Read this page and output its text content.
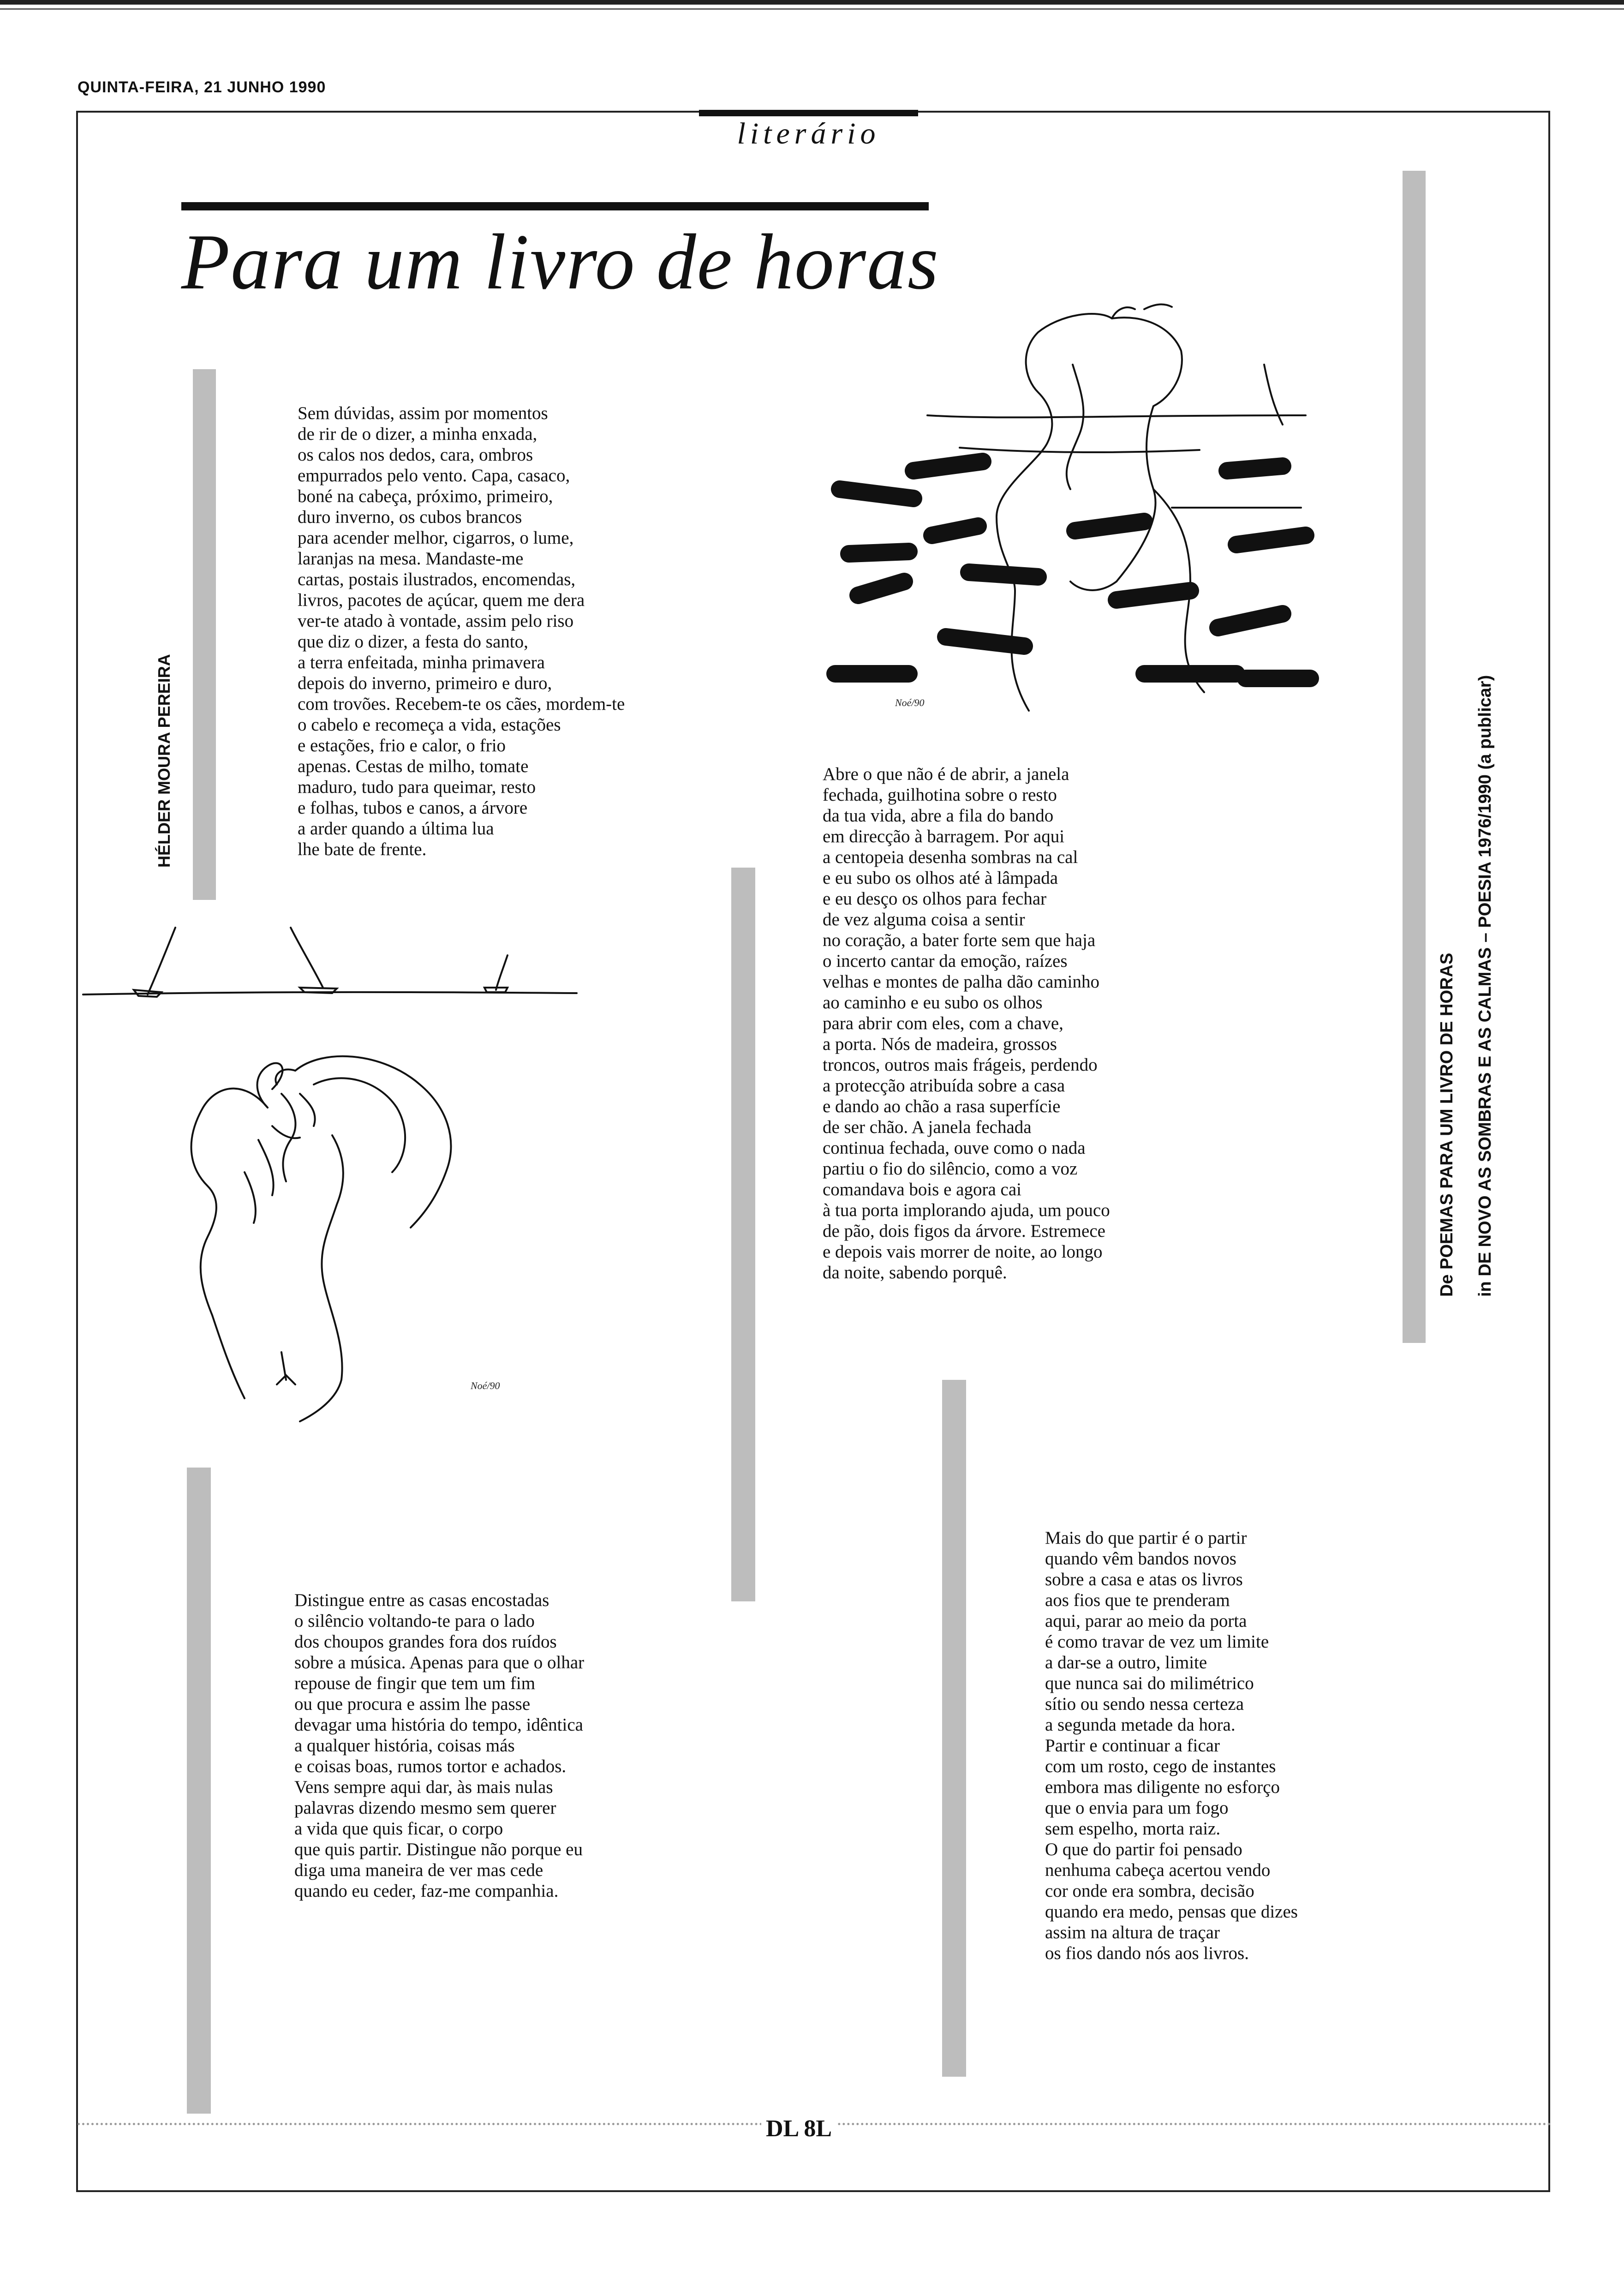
QUINTA-FEIRA, 21 JUNHO 1990
literário
Para um livro de horas
HÉLDER MOURA PEREIRA
De POEMAS PARA UM LIVRO DE HORAS in DE NOVO AS SOMBRAS E AS CALMAS – POESIA 1976/1990 (a publicar)
Sem dúvidas, assim por momentos
de rir de o dizer, a minha enxada,
os calos nos dedos, cara, ombros
empurrados pelo vento. Capa, casaco,
boné na cabeça, próximo, primeiro,
duro inverno, os cubos brancos
para acender melhor, cigarros, o lume,
laranjas na mesa. Mandaste-me
cartas, postais ilustrados, encomendas,
livros, pacotes de açúcar, quem me dera
ver-te atado à vontade, assim pelo riso
que diz o dizer, a festa do santo,
a terra enfeitada, minha primavera
depois do inverno, primeiro e duro,
com trovões. Recebem-te os cães, mordem-te
o cabelo e recomeça a vida, estações
e estações, frio e calor, o frio
apenas. Cestas de milho, tomate
maduro, tudo para queimar, resto
e folhas, tubos e canos, a árvore
a arder quando a última lua
lhe bate de frente.
Abre o que não é de abrir, a janela
fechada, guilhotina sobre o resto
da tua vida, abre a fila do bando
em direcção à barragem. Por aqui
a centopeia desenha sombras na cal
e eu subo os olhos até à lâmpada
e eu desço os olhos para fechar
de vez alguma coisa a sentir
no coração, a bater forte sem que haja
o incerto cantar da emoção, raízes
velhas e montes de palha dão caminho
ao caminho e eu subo os olhos
para abrir com eles, com a chave,
a porta. Nós de madeira, grossos
troncos, outros mais frágeis, perdendo
a protecção atribuída sobre a casa
e dando ao chão a rasa superfície
de ser chão. A janela fechada
continua fechada, ouve como o nada
partiu o fio do silêncio, como a voz
comandava bois e agora cai
à tua porta implorando ajuda, um pouco
de pão, dois figos da árvore. Estremece
e depois vais morrer de noite, ao longo
da noite, sabendo porquê.
Distingue entre as casas encostadas
o silêncio voltando-te para o lado
dos choupos grandes fora dos ruídos
sobre a música. Apenas para que o olhar
repouse de fingir que tem um fim
ou que procura e assim lhe passe
devagar uma história do tempo, idêntica
a qualquer história, coisas más
e coisas boas, rumos tortor e achados.
Vens sempre aqui dar, às mais nulas
palavras dizendo mesmo sem querer
a vida que quis ficar, o corpo
que quis partir. Distingue não porque eu
diga uma maneira de ver mas cede
quando eu ceder, faz-me companhia.
Mais do que partir é o partir
quando vêm bandos novos
sobre a casa e atas os livros
aos fios que te prenderam
aqui, parar ao meio da porta
é como travar de vez um limite
a dar-se a outro, limite
que nunca sai do milimétrico
sítio ou sendo nessa certeza
a segunda metade da hora.
Partir e continuar a ficar
com um rosto, cego de instantes
embora mas diligente no esforço
que o envia para um fogo
sem espelho, morta raiz.
O que do partir foi pensado
nenhuma cabeça acertou vendo
cor onde era sombra, decisão
quando era medo, pensas que dizes
assim na altura de traçar
os fios dando nós aos livros.
Noé/90
Noé/90
DL 8L
